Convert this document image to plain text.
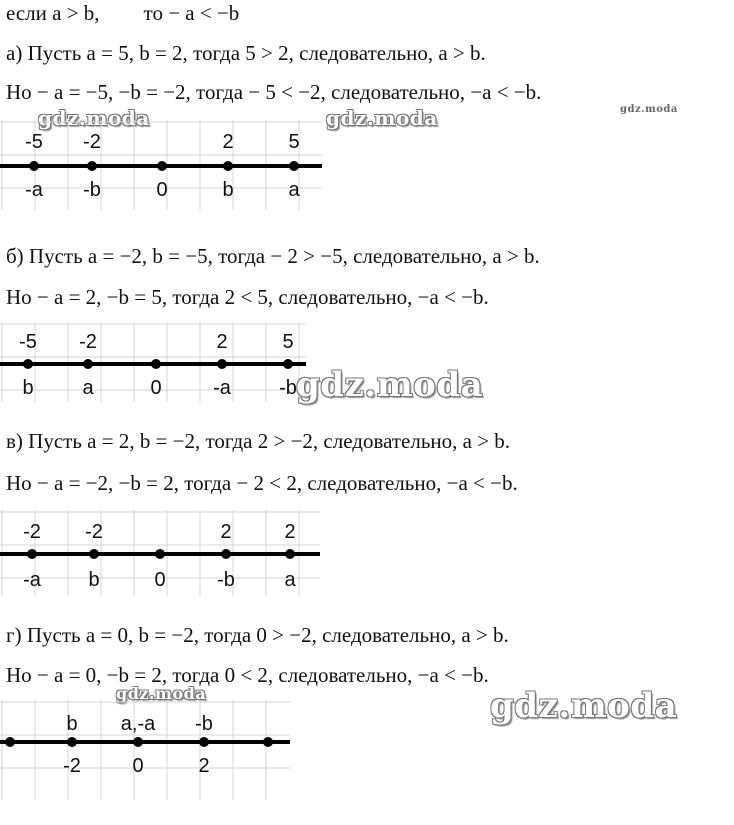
если a > b, то − a < −b
а) Пусть a = 5, b = 2, тогда 5 > 2, следовательно, a > b.
Но − a = −5, −b = −2, тогда − 5 < −2, следовательно, −a < −b.
gdz.moda	gdz.moda	gdz.moda
-5 -2	2	5
-a -b	0	b	a
б) Пусть a = −2, b = −5, тогда − 2 > −5, следовательно, a > b.
Но − a = 2, −b = 5, тогда 2 < 5, следовательно, −a < −b.
-5 -2	2	5
b a	0	-a -b gdz.moda
в) Пусть a = 2, b = −2, тогда 2 > −2, следовательно, a > b.
Но − a = −2, −b = 2, тогда − 2 < 2, следовательно, −a < −b.
-2 -2	2	2
-a b	0	-b a
г) Пусть a = 0, b = −2, тогда 0 > −2, следовательно, a > b.
Но − a = 0, −b = 2, тогда 0 < 2, следовательно, −a < −b.
gdz.moda	gdz.moda
b a,-a -b
-2	0	2
